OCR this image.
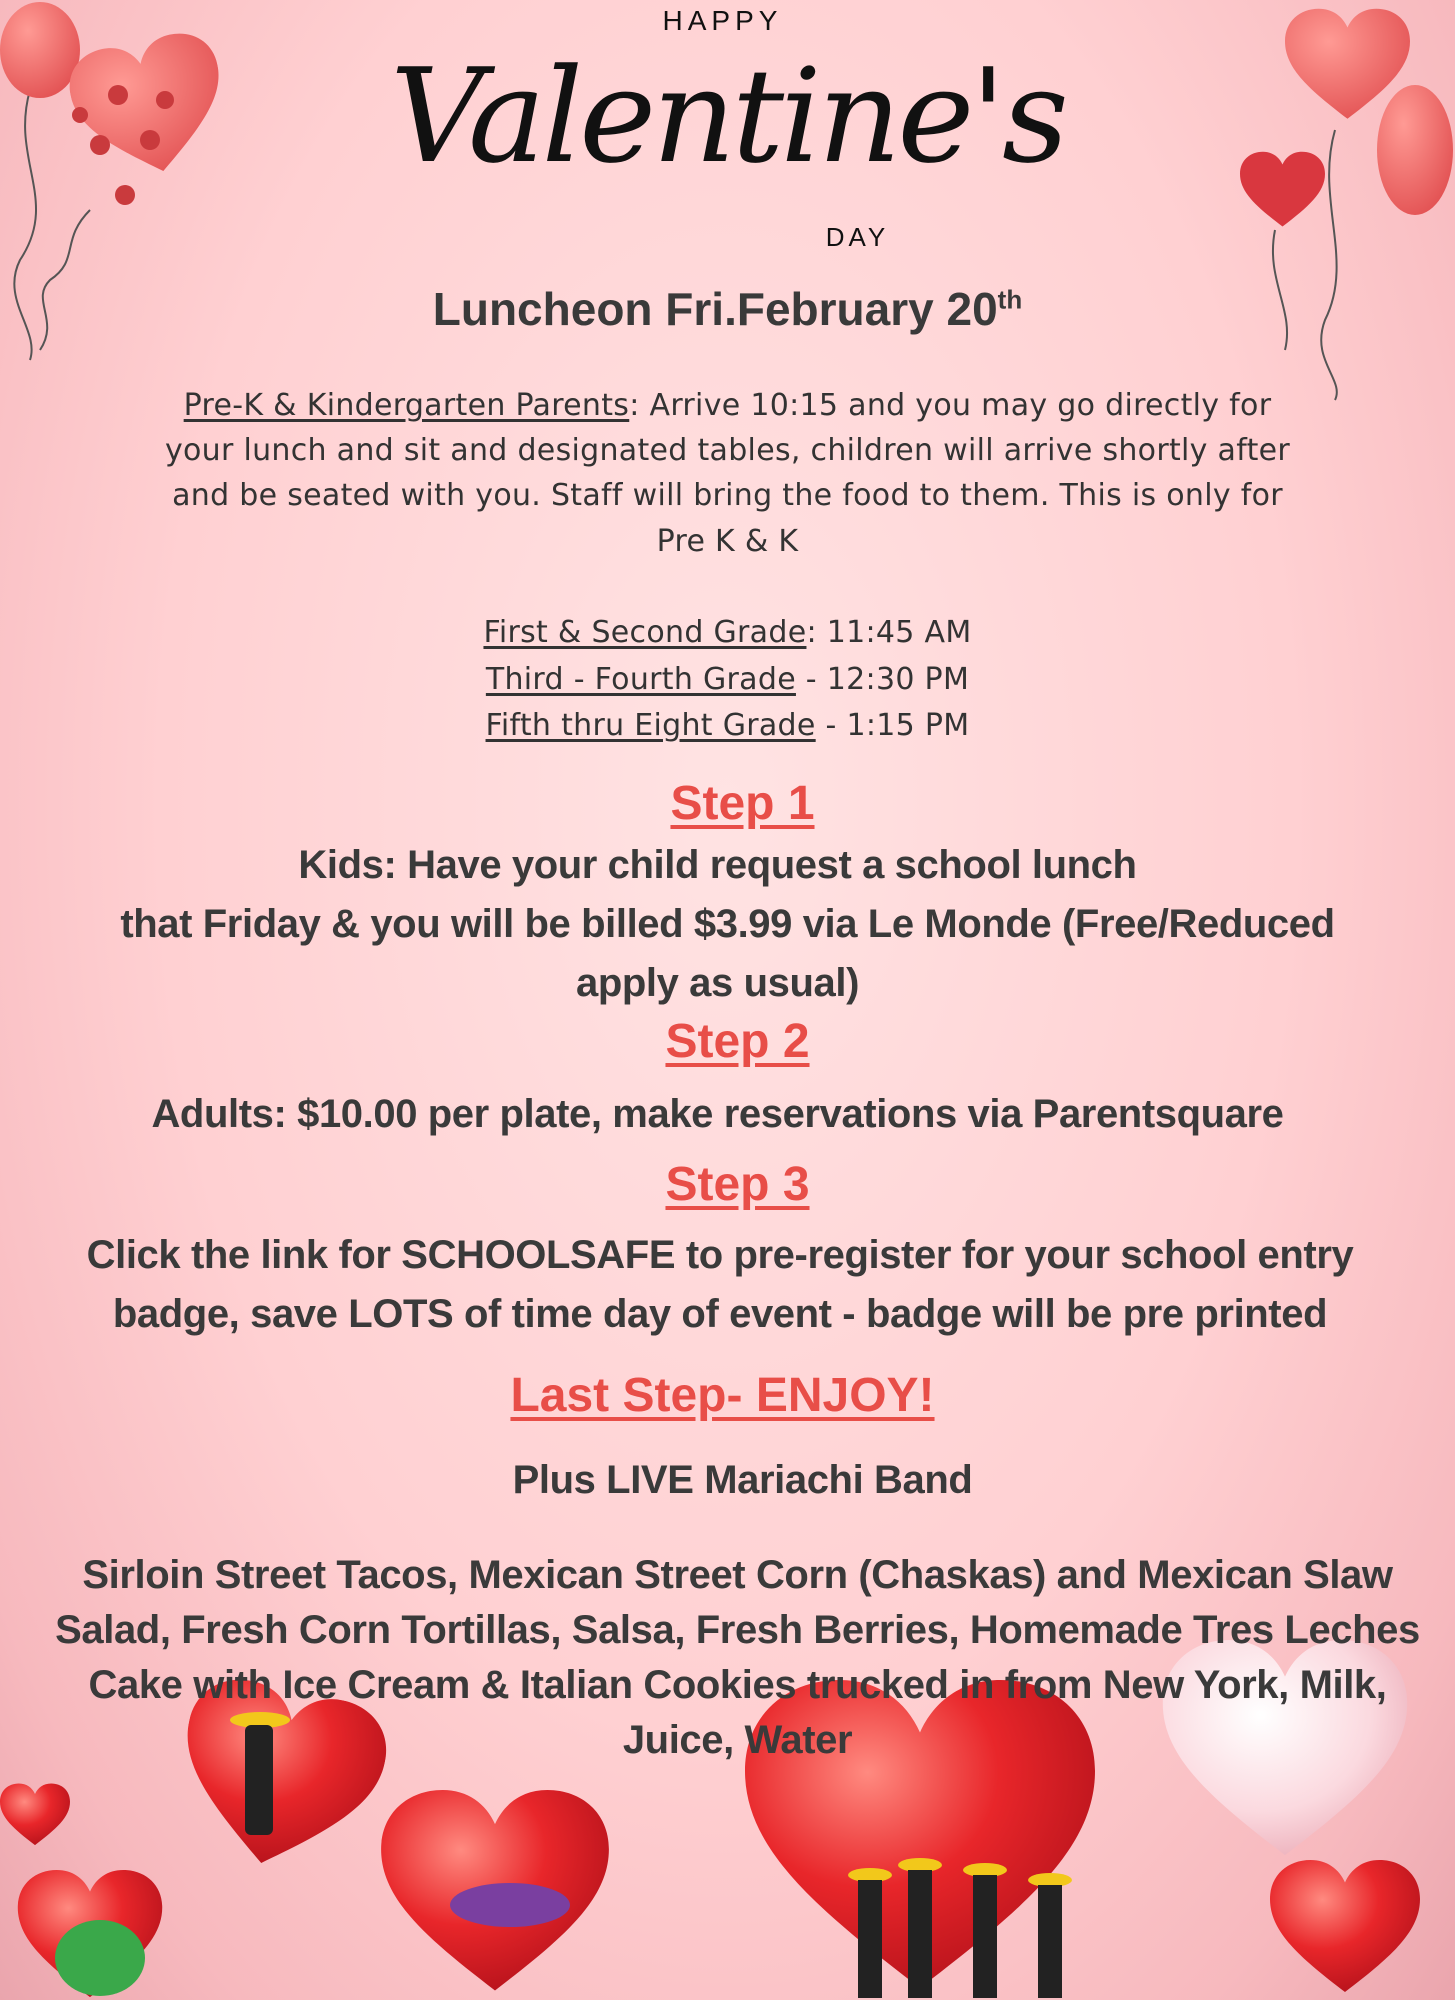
HAPPY
Valentine's
DAY
Luncheon Fri.February 20th
Pre-K & Kindergarten Parents: Arrive 10:15 and you may go directly for
your lunch and sit and designated tables, children will arrive shortly after
and be seated with you. Staff will bring the food to them. This is only for
Pre K & K
First & Second Grade: 11:45 AM
Third - Fourth Grade - 12:30 PM
Fifth thru Eight Grade - 1:15 PM
Step 1
Kids: Have your child request a school lunch
that Friday & you will be billed $3.99 via Le Monde (Free/Reduced
apply as usual)
Step 2
Adults: $10.00 per plate, make reservations via Parentsquare
Step 3
Click the link for SCHOOLSAFE to pre-register for your school entry
badge, save LOTS of time day of event - badge will be pre printed
Last Step- ENJOY!
Plus LIVE Mariachi Band
Sirloin Street Tacos, Mexican Street Corn (Chaskas) and Mexican Slaw
Salad, Fresh Corn Tortillas, Salsa, Fresh Berries, Homemade Tres Leches
Cake with Ice Cream & Italian Cookies trucked in from New York, Milk,
Juice, Water
